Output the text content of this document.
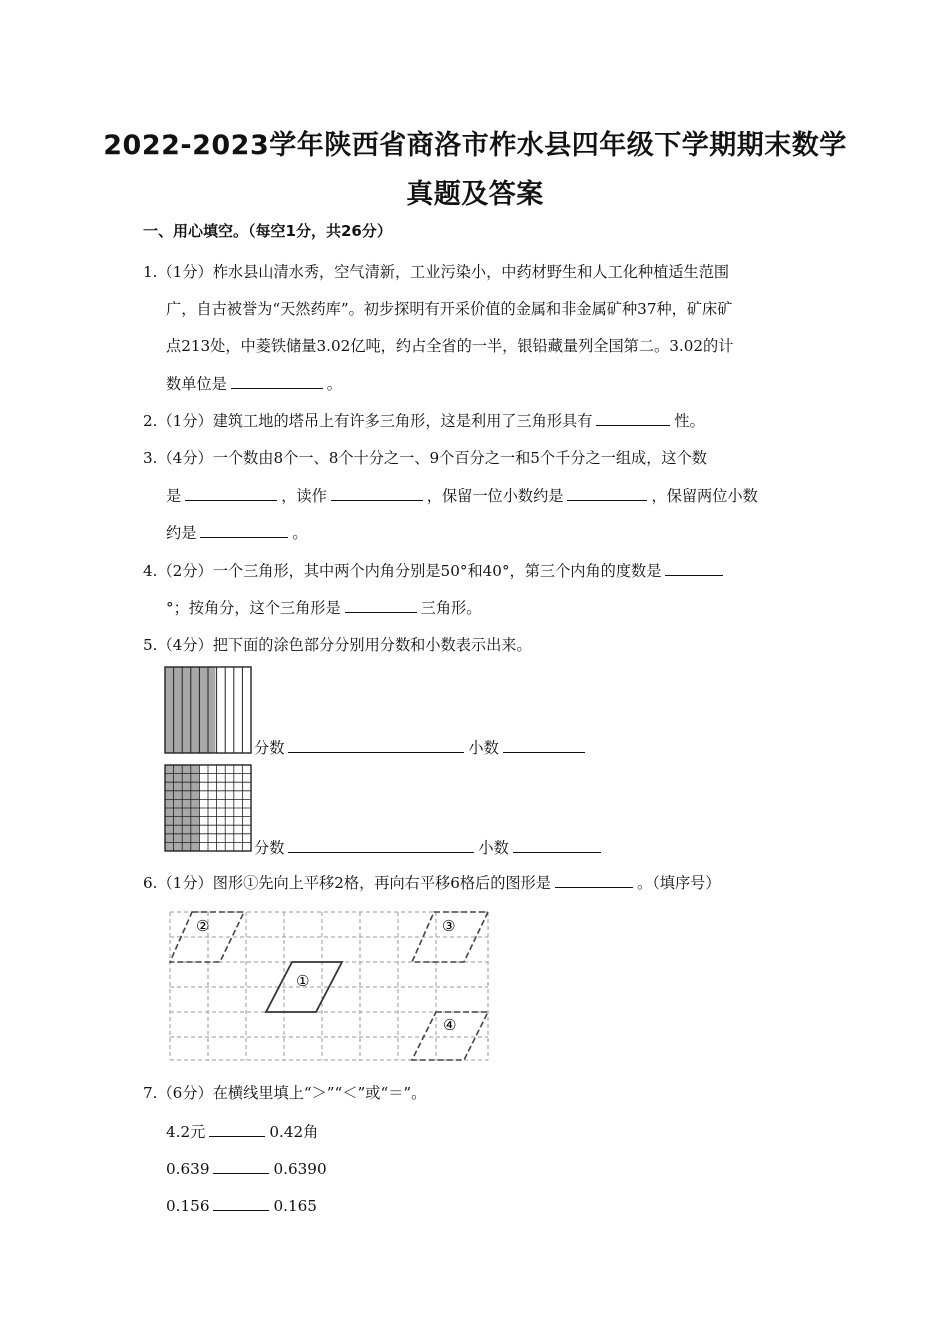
2022-2023学年陕西省商洛市柞水县四年级下学期期末数学
真题及答案
一、用心填空。（每空1分，共26分）
1.（1分）柞水县山清水秀，空气清新，工业污染小，中药材野生和人工化种植适生范围
广，自古被誉为“天然药库”。初步探明有开采价值的金属和非金属矿种37种，矿床矿
点213处，中菱铁储量3.02亿吨，约占全省的一半，银铅藏量列全国第二。3.02的计
数单位是	。
2.（1分）建筑工地的塔吊上有许多三角形，这是利用了三角形具有	性。
3.（4分）一个数由8个一、8个十分之一、9个百分之一和5个千分之一组成，这个数
是	，读作	，保留一位小数约是	，保留两位小数
约是	。
4.（2分）一个三角形，其中两个内角分别是50°和40°，第三个内角的度数是
°；按角分，这个三角形是	三角形。
5.（4分）把下面的涂色部分分别用分数和小数表示出来。
分数	小数
分数	小数
6.（1分）图形①先向上平移2格，再向右平移6格后的图形是	。（填序号）
②	③
①
④
7.（6分）在横线里填上“＞”“＜”或“＝”。
4.2元	0.42角
0.639	0.6390
0.156	0.165
